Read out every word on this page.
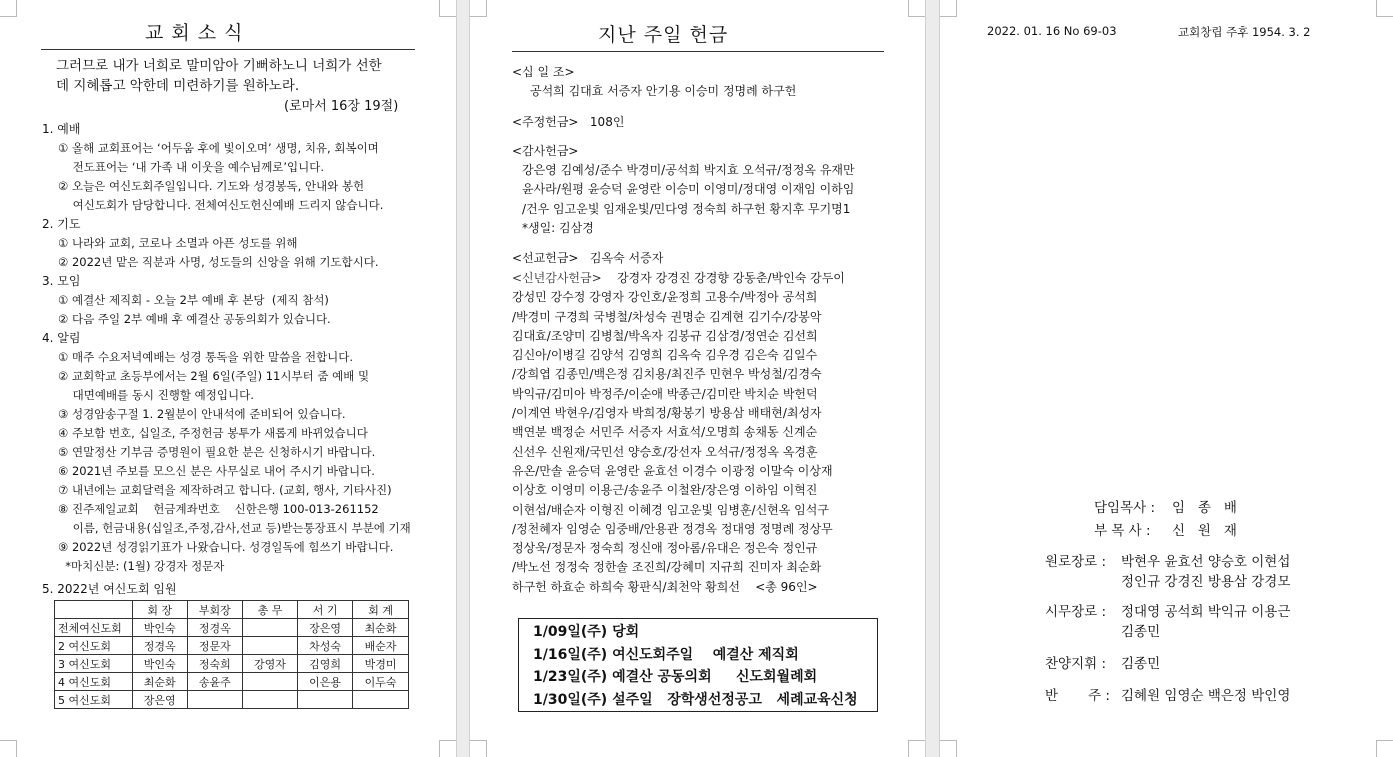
교 회 소 식
그러므로 내가 너희로 말미암아 기뻐하노니 너희가 선한
데 지혜롭고 악한데 미련하기를 원하노라.
(로마서 16장 19절)
1. 예배
① 올해 교회표어는 ‘어두움 후에 빛이오며’ 생명, 치유, 회복이며
전도표어는 ‘내 가족 내 이웃을 예수님께로’입니다.
② 오늘은 여신도회주일입니다. 기도와 성경봉독, 안내와 봉헌
여신도회가 담당합니다. 전체여신도헌신예배 드리지 않습니다.
2. 기도
① 나라와 교회, 코로나 소멸과 아픈 성도를 위해
② 2022년 맡은 직분과 사명, 성도들의 신앙을 위해 기도합시다.
3. 모임
① 예결산 제직회 - 오늘 2부 예배 후 본당  (제직 참석)
② 다음 주일 2부 예배 후 예결산 공동의회가 있습니다.
4. 알림
① 매주 수요저녁예배는 성경 통독을 위한 말씀을 전합니다.
② 교회학교 초등부에서는 2월 6일(주일) 11시부터 줌 예배 및
대면예배를 동시 진행할 예정입니다.
③ 성경암송구절 1. 2월분이 안내석에 준비되어 있습니다.
④ 주보함 번호, 십일조, 주정헌금 봉투가 새롭게 바뀌었습니다
⑤ 연말정산 기부금 증명원이 필요한 분은 신청하시기 바랍니다.
⑥ 2021년 주보를 모으신 분은 사무실로 내어 주시기 바랍니다.
⑦ 내년에는 교회달력을 제작하려고 합니다. (교회, 행사, 기타사진)
⑧ 진주제일교회    헌금계좌번호    신한은행 100-013-261152
이름, 헌금내용(십일조,주정,감사,선교 등)받는통장표시 부분에 기재
⑨ 2022년 성경읽기표가 나왔습니다. 성경일독에 힘쓰기 바랍니다.
*마치신분: (1월) 강경자 정문자
5. 2022년 여신도회 임원
	회 장	부회장	총 무	서 기	회 계
전체여신도회	박인숙	정경옥		장은영	최순화
2 여신도회	정경옥	정문자		차성숙	배순자
3 여신도회	박인숙	정숙희	강영자	김영희	박경미
4 여신도회	최순화	송윤주		이은용	이두숙
5 여신도회	장은영				
지난 주일 헌금
<십 일 조>
공석희 김대효 서증자 안기용 이승미 정명례 하구헌
<주정헌금>   108인
<감사헌금>
강은영 김예성/준수 박경미/공석희 박지효 오석규/정정옥 유재만
윤사라/원평 윤승덕 윤영란 이승미 이영미/정대영 이재임 이하임
/건우 임고운빛 임재운빛/민다영 정숙희 하구헌 황지후 무기명1
*생일: 김삼경
<선교헌금>   김옥숙 서증자
<신년감사헌금> 강경자 강경진 강경향 강동춘/박인숙 강두이
강성민 강수정 강영자 강인호/윤정희 고용수/박정아 공석희
/박경미 구경희 국병철/차성숙 권명순 김계현 김기수/강봉악
김대효/조양미 김병철/박옥자 김봉규 김삼경/정연순 김선희
김신아/이병길 김양석 김영희 김옥숙 김우경 김은숙 김일수
/강희엽 김종민/백은정 김치용/최진주 민현우 박성철/김경숙
박익규/김미아 박정주/이순애 박종근/김미란 박치순 박헌덕
/이계연 박현우/김영자 박희정/황봉기 방용삼 배태현/최성자
백연분 백정순 서민주 서증자 서효석/오명희 송채동 신계순
신선우 신원재/국민선 양승호/강선자 오석규/정정옥 옥경훈
유온/만솔 윤승덕 윤영란 윤효선 이경수 이광정 이말숙 이상재
이상호 이영미 이용근/송윤주 이철완/장은영 이하임 이혁진
이현섭/배순자 이형진 이혜경 임고운빛 임병훈/신현옥 임석구
/정천혜자 임영순 임중배/안용관 정경옥 정대영 정명례 정상무
정상욱/정문자 정숙희 정신애 정아롬/유대은 정은숙 정인규
/박노선 정정숙 정한솔 조진희/강혜미 지규희 진미자 최순화
하구헌 하효순 하희숙 황판식/최천악 황희선    <총 96인>
1/09일(주) 당회
1/16일(주) 여신도회주일    예결산 제직회
1/23일(주) 예결산 공동의회     신도회월례회
1/30일(주) 설주일   장학생선정공고   세례교육신청
2022. 01. 16 No 69-03	교회창립 주후 1954. 3. 2
담임목사 : 임   종   배
부 목 사 : 신   원   재
원로장로 :	박현우 윤효선 양승호 이현섭
정인규 강경진 방용삼 강경모
시무장로 :	정대영 공석희 박익규 이용근
김종민
찬양지휘 :	김종민
반       주 : 김혜원 임영순 백은정 박인영
